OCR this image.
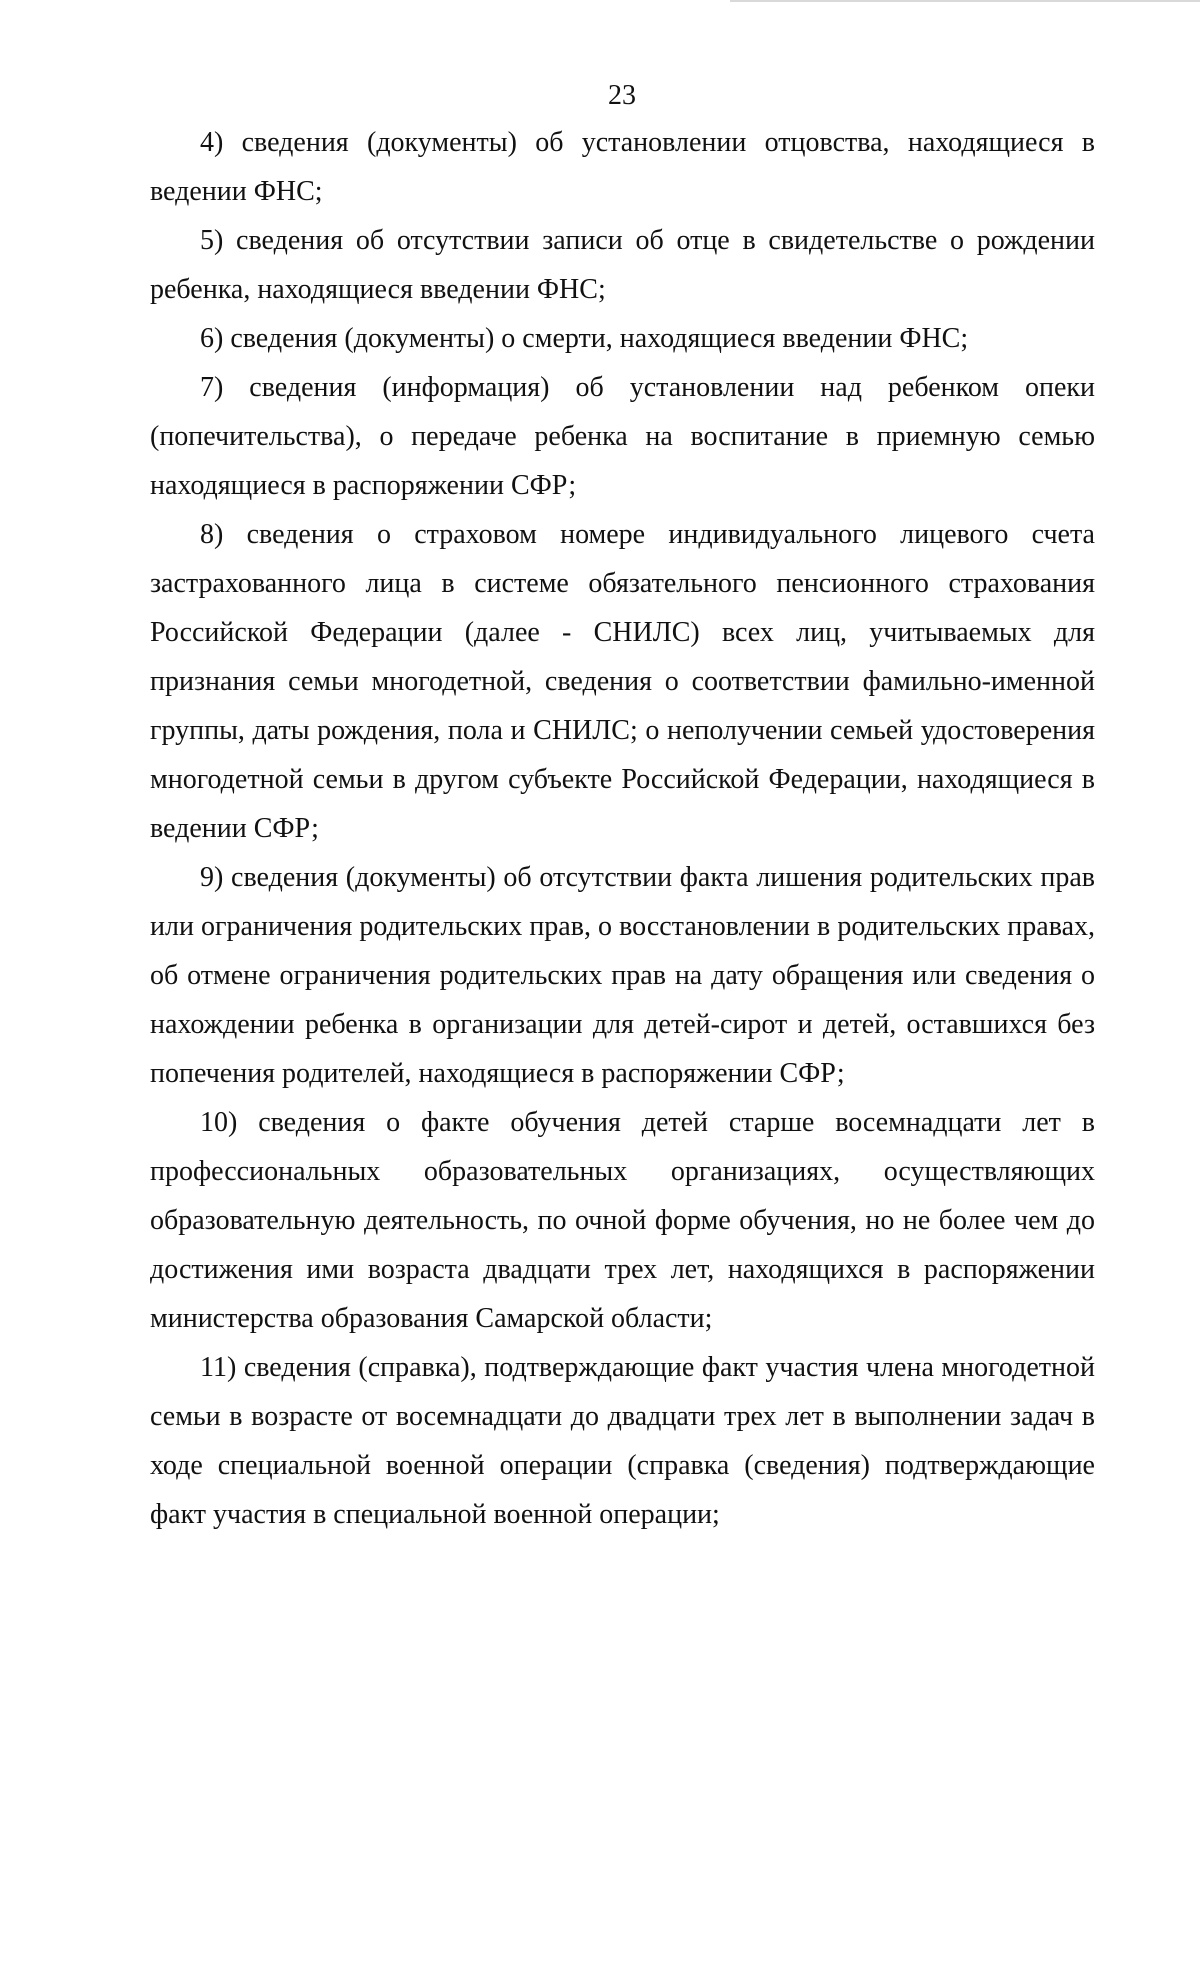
23

4) сведения (документы) об установлении отцовства, находящиеся в ведении ФНС;

5) сведения об отсутствии записи об отце в свидетельстве о рождении ребенка, находящиеся введении ФНС;

6) сведения (документы) о смерти, находящиеся введении ФНС;

7) сведения (информация) об установлении над ребенком опеки (попечительства), о передаче ребенка на воспитание в приемную семью находящиеся в распоряжении СФР;

8) сведения о страховом номере индивидуального лицевого счета застрахованного лица в системе обязательного пенсионного страхования Российской Федерации (далее - СНИЛС) всех лиц, учитываемых для признания семьи многодетной, сведения о соответствии фамильно-именной группы, даты рождения, пола и СНИЛС; о неполучении семьей удостоверения многодетной семьи в другом субъекте Российской Федерации, находящиеся в ведении СФР;

9) сведения (документы) об отсутствии факта лишения родительских прав или ограничения родительских прав, о восстановлении в родительских правах, об отмене ограничения родительских прав на дату обращения или сведения о нахождении ребенка в организации для детей-сирот и детей, оставшихся без попечения родителей, находящиеся в распоряжении СФР;

10) сведения о факте обучения детей старше восемнадцати лет в профессиональных образовательных организациях, осуществляющих образовательную деятельность, по очной форме обучения, но не более чем до достижения ими возраста двадцати трех лет, находящихся в распоряжении министерства образования Самарской области;

11) сведения (справка), подтверждающие факт участия члена многодетной семьи в возрасте от восемнадцати до двадцати трех лет в выполнении задач в ходе специальной военной операции (справка (сведения) подтверждающие факт участия в специальной военной операции;
